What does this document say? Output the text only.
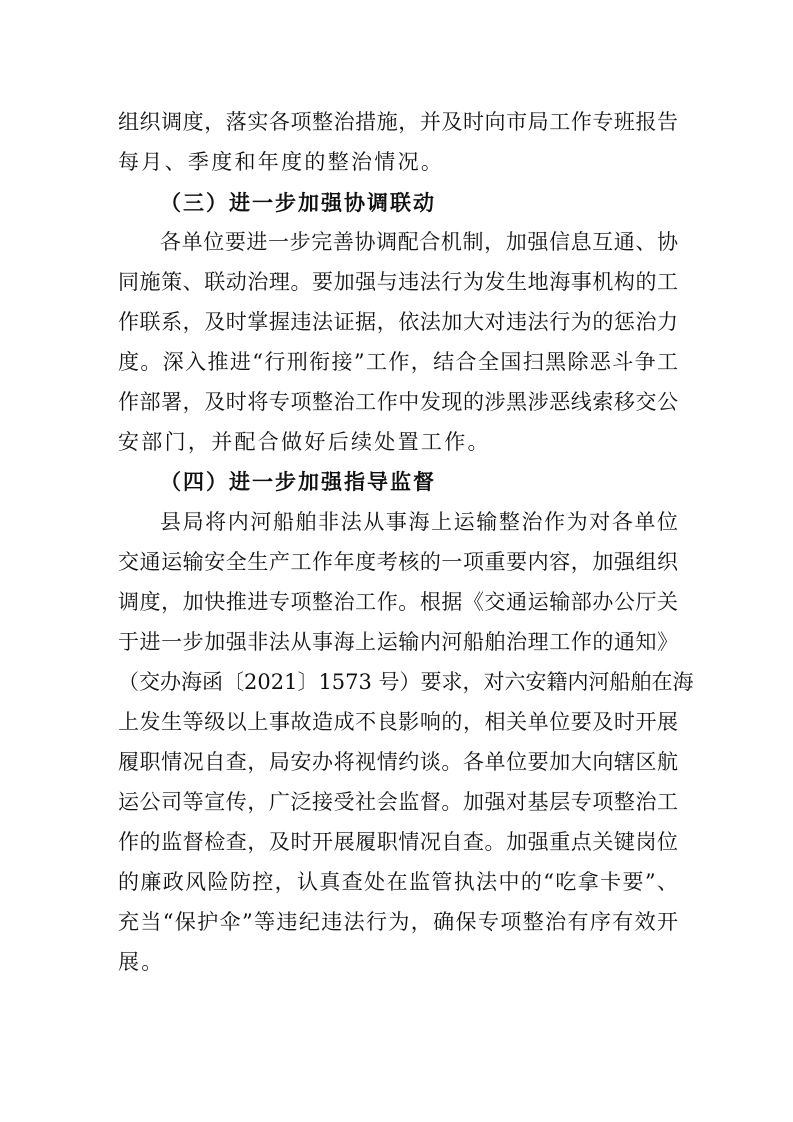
组织调度，落实各项整治措施，并及时向市局工作专班报告
每月、季度和年度的整治情况。
（三）进一步加强协调联动
各单位要进一步完善协调配合机制，加强信息互通、协
同施策、联动治理。要加强与违法行为发生地海事机构的工
作联系，及时掌握违法证据，依法加大对违法行为的惩治力
度。深入推进“行刑衔接”工作，结合全国扫黑除恶斗争工
作部署，及时将专项整治工作中发现的涉黑涉恶线索移交公
安部门，并配合做好后续处置工作。
（四）进一步加强指导监督
县局将内河船舶非法从事海上运输整治作为对各单位
交通运输安全生产工作年度考核的一项重要内容，加强组织
调度，加快推进专项整治工作。根据《交通运输部办公厅关
于进一步加强非法从事海上运输内河船舶治理工作的通知》
（交办海函〔2021〕1573 号）要求，对六安籍内河船舶在海
上发生等级以上事故造成不良影响的，相关单位要及时开展
履职情况自查，局安办将视情约谈。各单位要加大向辖区航
运公司等宣传，广泛接受社会监督。加强对基层专项整治工
作的监督检查，及时开展履职情况自查。加强重点关键岗位
的廉政风险防控，认真查处在监管执法中的“吃拿卡要”、
充当“保护伞”等违纪违法行为，确保专项整治有序有效开
展。
